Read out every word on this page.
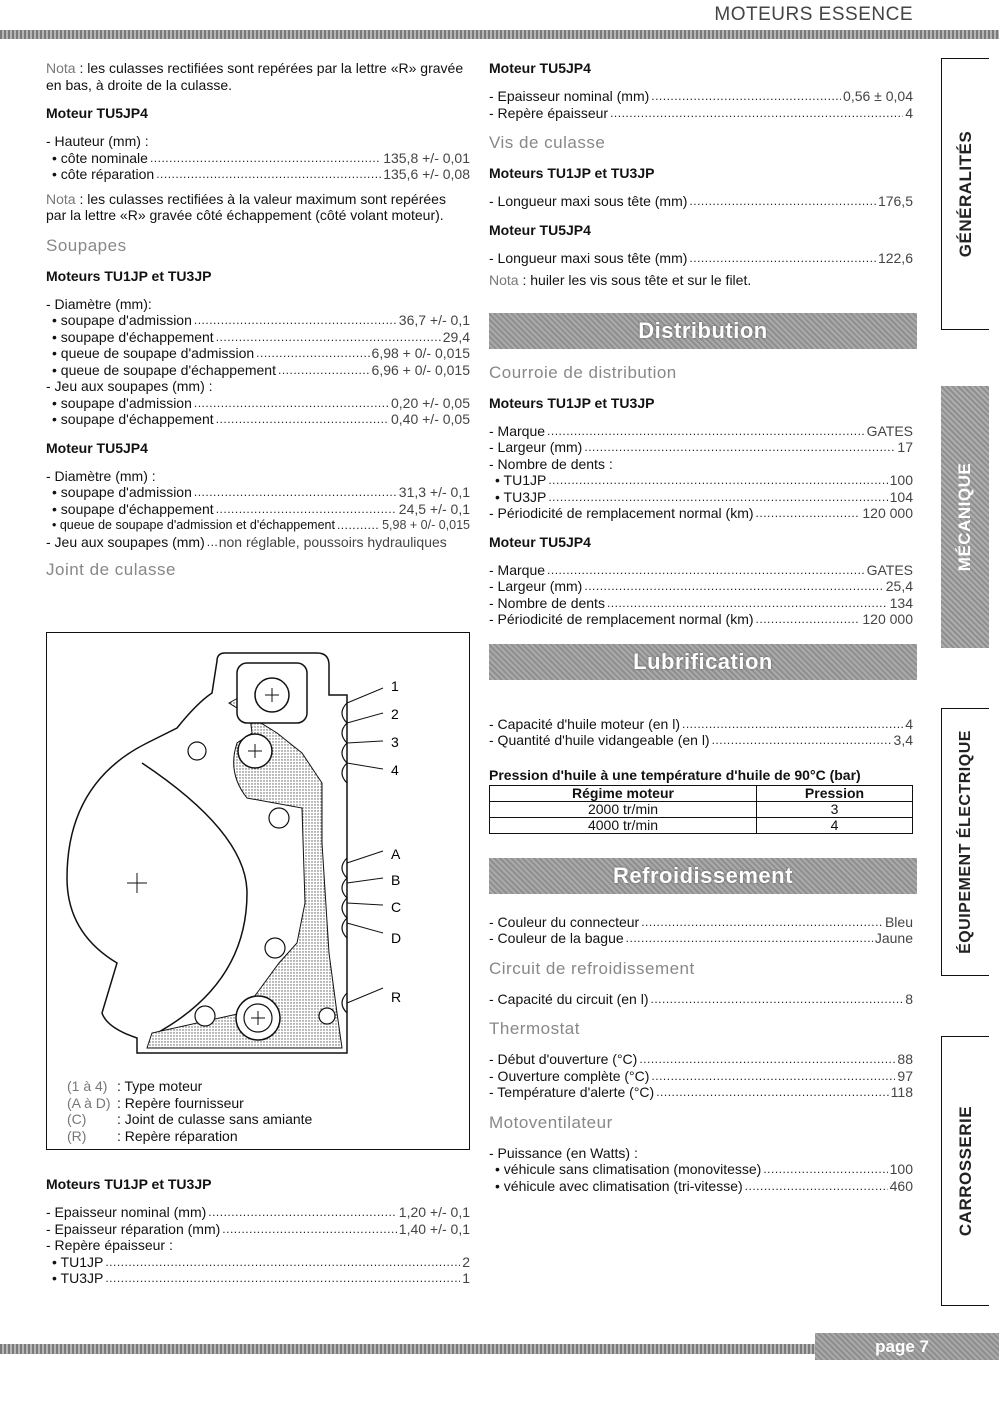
MOTEURS ESSENCE
Nota : les culasses rectifiées sont repérées par la lettre «R» gravée en bas, à droite de la culasse.
Moteur TU5JP4
- Hauteur (mm) :
• côte nominale .....	135,8 +/- 0,01
• côte réparation .....	135,6 +/- 0,08
Nota : les culasses rectifiées à la valeur maximum sont repérées par la lettre «R» gravée côté échappement (côté volant moteur).
Soupapes
Moteurs TU1JP et TU3JP
- Diamètre (mm):
• soupape d'admission .....	36,7 +/- 0,1
• soupape d'échappement .....	29,4
• queue de soupape d'admission .....	6,98 + 0/- 0,015
• queue de soupape d'échappement .....	6,96 + 0/- 0,015
- Jeu aux soupapes (mm) :
• soupape d'admission .....	0,20 +/- 0,05
• soupape d'échappement .....	0,40 +/- 0,05
Moteur TU5JP4
- Diamètre (mm) :
• soupape d'admission .....	31,3 +/- 0,1
• soupape d'échappement .....	24,5 +/- 0,1
• queue de soupape d'admission et d'échappement .....	5,98 + 0/- 0,015
- Jeu aux soupapes (mm) ..... non réglable, poussoirs hydrauliques
Joint de culasse
1
2
3
4
A
B
C
D
R
(1 à 4) : Type moteur
(A à D) : Repère fournisseur
(C) : Joint de culasse sans amiante
(R) : Repère réparation
Moteurs TU1JP et TU3JP
- Epaisseur nominal (mm) .....	1,20 +/- 0,1
- Epaisseur réparation (mm) .....	1,40 +/- 0,1
- Repère épaisseur :
• TU1JP .....	2
• TU3JP .....	1
Moteur TU5JP4
- Epaisseur nominal (mm) .....	0,56 ± 0,04
- Repère épaisseur .....	4
Vis de culasse
Moteurs TU1JP et TU3JP
- Longueur maxi sous tête (mm) .....	176,5
Moteur TU5JP4
- Longueur maxi sous tête (mm) .....	122,6
Nota : huiler les vis sous tête et sur le filet.
Distribution
Courroie de distribution
Moteurs TU1JP et TU3JP
- Marque .....	GATES
- Largeur (mm) .....	17
- Nombre de dents :
• TU1JP .....	100
• TU3JP .....	104
- Périodicité de remplacement normal (km) .....	120 000
Moteur TU5JP4
- Marque .....	GATES
- Largeur (mm) .....	25,4
- Nombre de dents .....	134
- Périodicité de remplacement normal (km) .....	120 000
Lubrification
- Capacité d'huile moteur (en l) .....	4
- Quantité d'huile vidangeable (en l) .....	3,4
Pression d'huile à une température d'huile de 90°C (bar)
Régime moteur	Pression
2000 tr/min	3
4000 tr/min	4
Refroidissement
- Couleur du connecteur .....	Bleu
- Couleur de la bague .....	Jaune
Circuit de refroidissement
- Capacité du circuit (en l) .....	8
Thermostat
- Début d'ouverture (°C) .....	88
- Ouverture complète (°C) .....	97
- Température d'alerte (°C) .....	118
Motoventilateur
- Puissance (en Watts) :
• véhicule sans climatisation (monovitesse) .....	100
• véhicule avec climatisation (tri-vitesse) .....	460
GÉNÉRALITÉS
MÉCANIQUE
ÉQUIPEMENT ÉLECTRIQUE
CARROSSERIE
page 7
